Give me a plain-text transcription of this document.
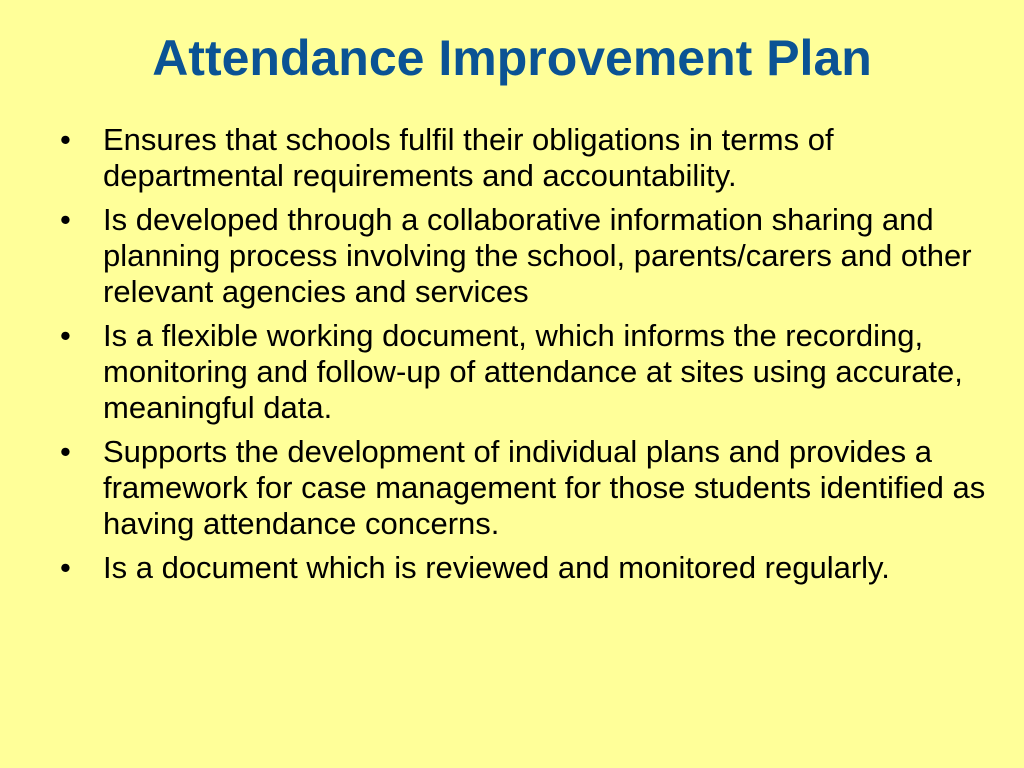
Attendance Improvement Plan
•	Ensures that schools fulfil their obligations in terms of departmental requirements and accountability.
•	Is developed through a collaborative information sharing and planning process involving the school, parents/carers and other relevant agencies and services
•	Is a flexible working document, which informs the recording, monitoring and follow-up of attendance at sites using accurate, meaningful data.
•	Supports the development of individual plans and provides a framework for case management for those students identified as having attendance concerns.
•	Is a document which is reviewed and monitored regularly.
